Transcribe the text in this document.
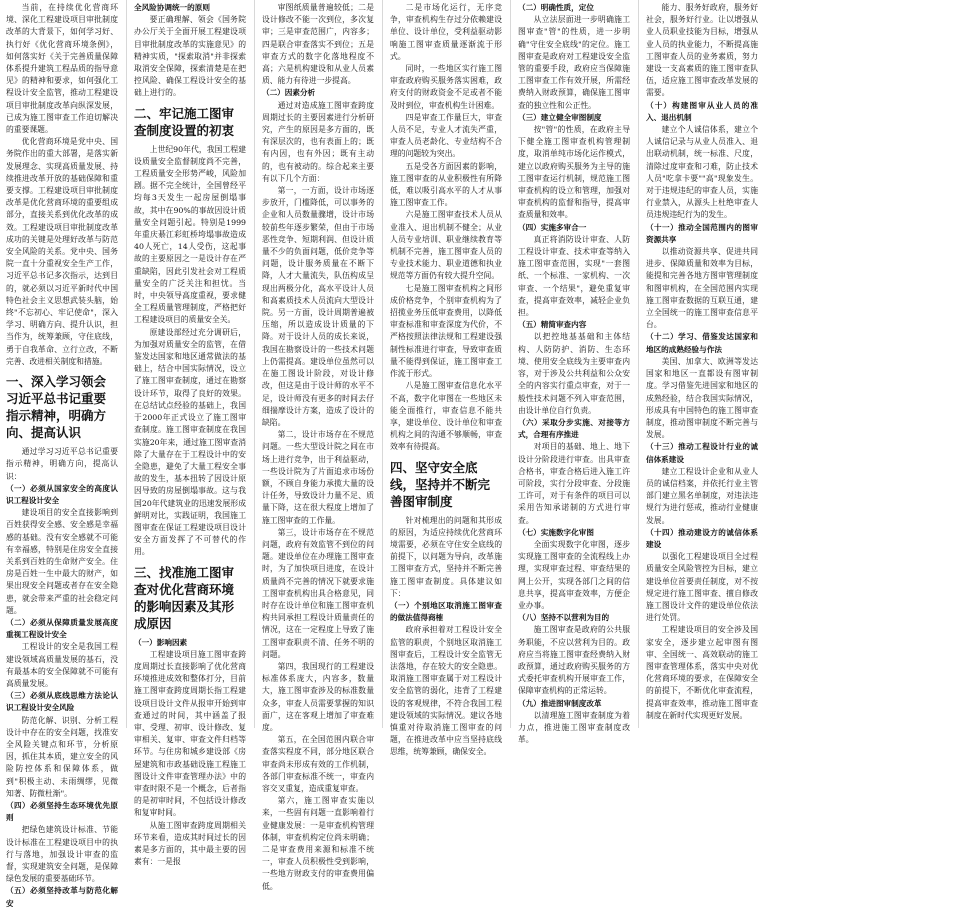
当前，在持续优化营商环境、深化工程建设项目审批制度改革的大背景下，如何学习好、执行好《优化营商环境条例》，如何落实好《关于完善质量保障体系提升建筑工程品质的指导意见》的精神和要求，如何强化工程设计安全监管，推动工程建设项目审批制度改革向纵深发展，已成为施工图审查工作迫切解决的重要课题。

优化营商环境是党中央、国务院作出的重大部署，是落实新发展理念、实现高质量发展、持续推进改革开放的基础保障和重要支撑。工程建设项目审批制度改革是优化营商环境的重要组成部分，直接关系到优化改革的成效。工程建设项目审批制度改革成功的关键是处理好改革与防范安全风险的关系。党中央、国务院一直十分重视安全生产工作，习近平总书记多次指示，达到目的，就必须以习近平新时代中国特色社会主义思想武装头脑，始终"不忘初心、牢记使命"，深入学习、明确方向、提升认识，担当作为，统筹兼顾，守住底线，勇于自我革命、立行立改，不断完善、改进相关制度和措施。

一、深入学习领会习近平总书记重要指示精神，明确方向、提高认识

通过学习习近平总书记重要指示精神，明确方向，提高认识：

（一）必须从国家安全的高度认识工程设计安全

建设项目的安全直接影响到百姓获得安全感、安全感是幸福感的基础。没有安全感就不可能有幸福感，特别是住房安全直接关系到百姓的生命财产安全。住房是百姓一生中最大的财产，如果出现安全问题或者存在安全隐患，就会带来严重的社会稳定问题。

（二）必须从保障质量发展高度重视工程设计安全

工程设计的安全是我国工程建设领域高质量发展的基石，没有最基本的安全保障就不可能有高质量发展。

（三）必须从底线思维方法论认识工程设计安全风险

防范化解、识别、分析工程设计中存在的安全问题，找准安全风险关键点和环节，分析原因，抓住其本质，建立安全的风险防控体系和保障体系，做到"积极主动、未雨绸缪，见微知著、防微杜渐"。

（四）必须坚持生态环境优先原则

把绿色建筑设计标准、节能设计标准在工程建设项目中的执行与落地，加强设计审查的监督，实现建筑安全问题，是保障绿色发展的重要基础环节。

（五）必须坚持改革与防范化解安

全风险协调统一的原则

要正确理解、领会《国务院办公厅关于全面开展工程建设项目审批制度改革的实施意见》的精神实质，"探索取消"并非探索取消安全保障，探索清楚是在把控风险、确保工程设计安全的基础上进行的。

二、牢记施工图审查制度设置的初衷

上世纪90年代，我国工程建设质量安全监督制度尚不完善，工程质量安全形势严峻，风险加剧。据不完全统计，全国曾经平均每3天发生一起房屋倒塌事故，其中在90%的事故因设计质量安全问题引起。特别是1999年重庆綦江彩虹桥垮塌事故造成40人死亡，14人受伤，这起事故的主要原因之一是设计存在严重缺陷，因此引发社会对工程质量安全的广泛关注和担忧。当时，中央领导高度重视，要求健全工程质量管理制度，严格把好工程建设项目的质量安全关。

原建设部经过充分调研后，为加强对质量安全的监管，在借鉴发达国家和地区通常做法的基础上，结合中国实际情况，设立了施工图审查制度，通过在勘察设计环节，取得了良好的效果。在总结试点经验的基础上，我国于2000年正式设立了施工图审查制度。施工图审查制度在我国实施20年来，通过施工图审查消除了大量存在于工程设计中的安全隐患，避免了大量工程安全事故的发生，基本扭转了因设计原因导致的房屋倒塌事故。这与我国20年代建筑业的迅速发展形成鲜明对比，实践证明，我国施工图审查在保证工程建设项目设计安全方面发挥了不可替代的作用。

三、找准施工图审查对优化营商环境的影响因素及其形成原因

（一）影响因素

工程建设项目施工图审查跨度周期过长直接影响了优化营商环境推进成效和整体打分，目前施工图审查跨度周期长指工程建设项目设计文件从报审开始到审查通过的时间，其中涵盖了报审、受理、初审、设计修改、复审相关、复审、审查文件归档等环节。与住房和城乡建设部《房屋建筑和市政基础设施工程施工图设计文件审查管理办法》中的审查时限不是一个概念，后者指的是初审时间，不包括设计修改和复审时间。

从施工图审查跨度周期相关环节来看，造成其时间过长的因素是多方面的，其中最主要的因素有：一是报

审图纸质量普遍较低；二是设计修改不能一次到位，多次复审；三是审查范围广，内容多；四是联合审查落实不到位；五是审查方式的数字化落地程度不高；六是机构建设和从业人员素质、能力有待进一步提高。

（二）因素分析

通过对造成施工图审查跨度周期过长的主要因素进行分析研究，产生的原因是多方面的，既有深层次的，也有表面上的；既有内因，也有外因；既有主动的，也有被动的。综合起来主要有以下几个方面：

第一，一方面，设计市场逐步放开，门槛降低，可以事务的企业和人员数量骤增，设计市场较前些年逐步繁荣，但由于市场恶性竞争、短期利润、但设计质量不少的负面问题，低价竞争等问题，设计服务质量在不断下降，人才大量流失，队伍构成呈现出两极分化，高水平设计人员和高素质技术人员流向大型设计院。另一方面，设计周期普遍被压缩，所以造成设计质量的下降。对于设计人员的成长来说，我国在勘察设计的一些技术问题上仍需提高。建设单位虽然可以在施工图设计阶段，对设计修改，但这是由于设计师的水平不足，设计师没有更多的时间去仔细揣摩设计方案，造成了设计的缺陷。

第二，设计市场存在不规范问题。一些大型设计院之间在市场上进行竞争，出于利益驱动，一些设计院为了片面追求市场份额，不顾自身能力承揽大量的设计任务，导致设计力量不足、质量下降，这在很大程度上增加了施工图审查的工作量。

第三，设计市场存在不规范问题，政府有效监管不到位的问题。建设单位在办理施工图审查时，为了加快项目进度，在设计质量尚不完善的情况下就要求施工图审查机构出具合格意见，同时存在设计单位和施工图审查机构共同承担工程设计质量责任的情况，这在一定程度上导致了施工图审查职责不清、任务不明的问题。

第四，我国现行的工程建设标准体系庞大，内容多，数量大，施工图审查涉及的标准数量众多，审查人员需要掌握的知识面广，这在客观上增加了审查难度。

第五，在全国范围内联合审查落实程度不同，部分地区联合审查尚未形成有效的工作机制，各部门审查标准不统一，审查内容交叉重复，造成重复审查。

第六，施工图审查实施以来，一些固有问题一直影响着行业健康发展：一是审查机构管理体制，审查机构定位尚未明确；二是审查费用来源和标准不统一，审查人员积极性受到影响，一些地方财政支付的审查费用偏低。

二是市场化运行，无序竞争，审查机构生存过分依赖建设单位、设计单位，受利益驱动影响施工图审查质量逐渐流于形式。

同时，一些地区实行施工图审查政府购买服务落实困难，政府支付的财政资金不足或者不能及时到位，审查机构生计困难。

四是审查工作量巨大，审查人员不足，专业人才流失严重，审查人员老龄化、专业结构不合理的问题较为突出。

五是受各方面因素的影响，施工图审查的从业积极性有所降低，难以吸引高水平的人才从事施工图审查工作。

六是施工图审查技术人员从业准入、退出机制不健全；从业人员专业培训、职业继续教育等机制不完善，施工图审查人员的专业技术能力、职业道德和执业规范等方面仍有较大提升空间。

七是施工图审查机构之间形成价格竞争，个别审查机构为了招揽业务压低审查费用，以降低审查标准和审查深度为代价，不严格按照法律法规和工程建设强制性标准进行审查，导致审查质量不能得到保证，施工图审查工作流于形式。

八是施工图审查信息化水平不高，数字化审图在一些地区未能全面推行，审查信息不能共享，建设单位、设计单位和审查机构之间的沟通不够顺畅，审查效率有待提高。

四、坚守安全底线，坚持并不断完善图审制度

针对梳理出的问题和其形成的原因，为适应持续优化营商环境需要，必须在守住安全底线的前提下，以问题为导向，改革施工图审查方式，坚持并不断完善施工图审查制度。具体建议如下：

（一）个别地区取消施工图审查的做法值得商榷

政府承担着对工程设计安全监管的职责，个别地区取消施工图审查后，工程设计安全监管无法落地，存在较大的安全隐患。取消施工图审查属于对工程设计安全监管的弱化，违背了工程建设的客观规律，不符合我国工程建设领域的实际情况。建议各地慎重对待取消施工图审查的问题，在推进改革中应当坚持底线思维，统筹兼顾，确保安全。

（二）明确性质，定位

从立法层面进一步明确施工图审查"管"的性质，进一步明确"守住安全底线"的定位。施工图审查是政府对工程建设安全监管的重要手段，政府应当保障施工图审查工作有效开展，所需经费纳入财政预算，确保施工图审查的独立性和公正性。

（三）建立健全审图制度

按"管"的性质，在政府主导下健全施工图审查机构管理制度，取消单纯市场化运作模式，建立以政府购买服务为主导的施工图审查运行机制，规范施工图审查机构的设立和管理，加强对审查机构的监督和指导，提高审查质量和效率。

（四）实施多审合一

真正将消防设计审查、人防工程设计审查、技术审查等纳入施工图审查范围，实现"一套图纸、一个标准、一家机构、一次审查、一个结果"，避免重复审查，提高审查效率，减轻企业负担。

（五）精简审查内容

以把控地基基础和主体结构、人防防护、消防、生态环境、使用安全底线为主要审查内容，对于涉及公共利益和公众安全的内容实行重点审查，对于一般性技术问题不列入审查范围，由设计单位自行负责。

（六）采取分步实施、对接等方式，合理有序推进

对项目的基础、地上、地下设计分阶段进行审查。出具审查合格书，审查合格后进入施工许可阶段，实行分段审查、分段施工许可，对于有条件的项目可以采用告知承诺制的方式进行审查。

（七）实施数字化审图

全面实现数字化审图，逐步实现施工图审查的全流程线上办理，实现审查过程、审查结果的网上公开，实现各部门之间的信息共享，提高审查效率，方便企业办事。

（八）坚持不以营利为目的

施工图审查是政府的公共服务职能，不应以营利为目的。政府应当将施工图审查经费纳入财政预算，通过政府购买服务的方式委托审查机构开展审查工作，保障审查机构的正常运转。

（九）推进图审制度改革

以清理施工图审查制度为着力点，推进施工图审查制度改革。

能力、服务好政府，服务好社会，服务好行业。让以增强从业人员职业技能为目标，增强从业人员的执业能力，不断提高施工图审查人员的业务素质，努力建设一支高素质的施工图审查队伍，适应施工图审查改革发展的需要。

（十）构建图审从业人员的准入、退出机制

建立个人诚信体系，建立个人诚信记录与从业人员准入、退出联动机制，统一标准、尺度，清除过度审查和刁难，防止技术人员"吃拿卡要""高"现象发生。对于违规违纪的审查人员，实施行业禁入，从源头上杜绝审查人员违规违纪行为的发生。

（十一）推动全国范围内的图审资源共享

以推动资源共享、促进共同进步、保障质量和效率为目标，能提和完善各地方图审管理制度和图审机构，在全国范围内实现施工图审查数据的互联互通，建立全国统一的施工图审查信息平台。

（十二）学习、借鉴发达国家和地区的成熟经验与作法

美国、加拿大、欧洲等发达国家和地区一直都设有图审制度。学习借鉴先进国家和地区的成熟经验，结合我国实际情况，形成具有中国特色的施工图审查制度，推动图审制度不断完善与发展。

（十三）推动工程设计行业的诚信体系建设

建立工程设计企业和从业人员的诚信档案，并依托行业主管部门建立黑名单制度，对违法违规行为进行惩戒，推动行业健康发展。

（十四）推动建设方的诚信体系建设

以强化工程建设项目全过程质量安全风险管控为目标，建立建设单位首要责任制度，对不按规定进行施工图审查、擅自修改施工图设计文件的建设单位依法进行处罚。

工程建设项目的安全涉及国家安全，逐步建立起审图有图审、全国统一、高效联动的施工图审查管理体系，落实中央对优化营商环境的要求，在保障安全的前提下，不断优化审查流程，提高审查效率，推动施工图审查制度在新时代实现更好发展。
